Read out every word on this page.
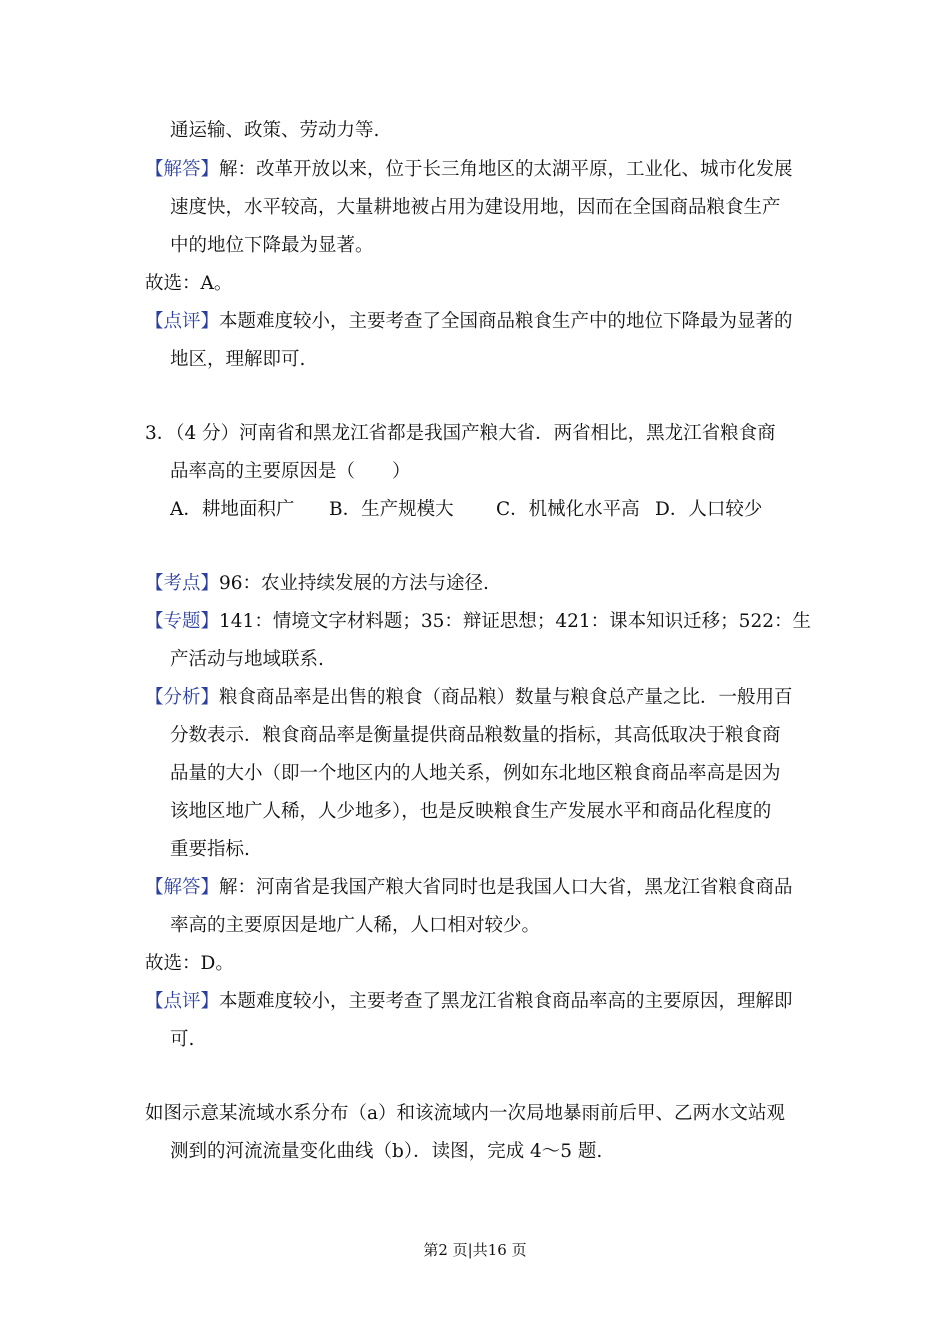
通运输、政策、劳动力等.
【解答】解：改革开放以来，位于长三角地区的太湖平原，工业化、城市化发展
速度快，水平较高，大量耕地被占用为建设用地，因而在全国商品粮食生产
中的地位下降最为显著。
故选：A。
【点评】本题难度较小，主要考查了全国商品粮食生产中的地位下降最为显著的
地区，理解即可.
3．（4 分）河南省和黑龙江省都是我国产粮大省．两省相比，黑龙江省粮食商
品率高的主要原因是（　　）
A．耕地面积广 B．生产规模大 C．机械化水平高 D．人口较少
【考点】96：农业持续发展的方法与途径.
【专题】141：情境文字材料题；35：辩证思想；421：课本知识迁移；522：生
产活动与地域联系.
【分析】粮食商品率是出售的粮食（商品粮）数量与粮食总产量之比．一般用百
分数表示．粮食商品率是衡量提供商品粮数量的指标，其高低取决于粮食商
品量的大小（即一个地区内的人地关系，例如东北地区粮食商品率高是因为
该地区地广人稀，人少地多），也是反映粮食生产发展水平和商品化程度的
重要指标.
【解答】解：河南省是我国产粮大省同时也是我国人口大省，黑龙江省粮食商品
率高的主要原因是地广人稀，人口相对较少。
故选：D。
【点评】本题难度较小，主要考查了黑龙江省粮食商品率高的主要原因，理解即
可.
如图示意某流域水系分布（a）和该流域内一次局地暴雨前后甲、乙两水文站观
测到的河流流量变化曲线（b）．读图，完成 4～5 题.
第2 页|共16 页
